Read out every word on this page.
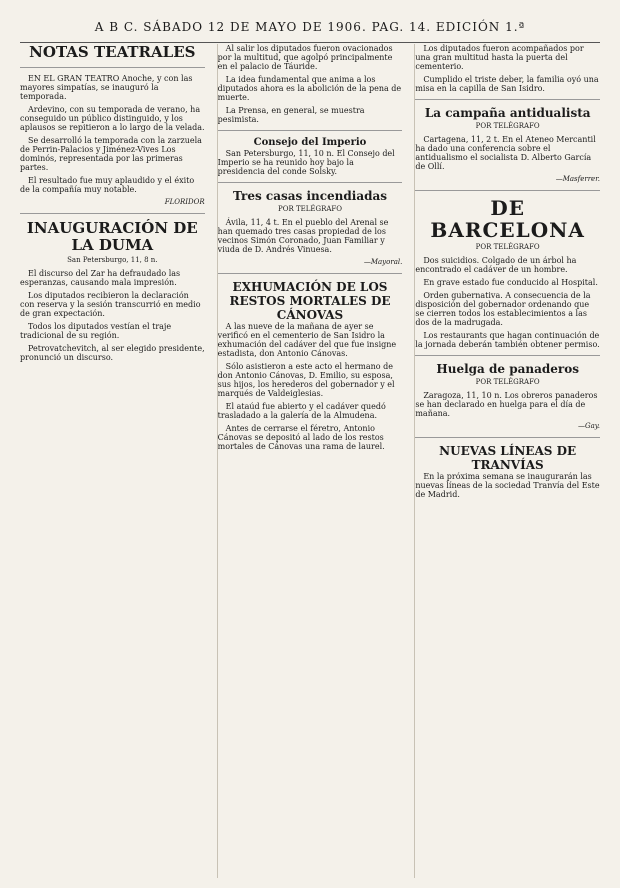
A B C. SÁBADO 12 DE MAYO DE 1906. PAG. 14. EDICIÓN 1.ª
NOTAS TEATRALES

EN EL GRAN TEATRO Anoche, y con las mayores simpatías, se inauguró la temporada.

Ardevino, con su temporada de verano, ha conseguido un público distinguido, y los aplausos se repitieron a lo largo de la velada.

Se desarrolló la temporada con la zarzuela de Perrin-Palacios y Jiménez-Vives Los dominós, representada por las primeras partes.

El resultado fue muy aplaudido y el éxito de la compañía muy notable.

FLORIDOR
INAUGURACIÓN DE LA DUMA
San Petersburgo, 11, 8 n.

El discurso del Zar ha defraudado las esperanzas, causando mala impresión.

Los diputados recibieron la declaración con reserva y la sesión transcurrió en medio de gran expectación.

Todos los diputados vestían el traje tradicional de su región.

Petrovatchevitch, al ser elegido presidente, pronunció un discurso.

Al salir los diputados fueron ovacionados por la multitud, que agolpó principalmente en el palacio de Táuride.

La idea fundamental que anima a los diputados ahora es la abolición de la pena de muerte.

La Prensa, en general, se muestra pesimista.

Consejo del Imperio

San Petersburgo, 11, 10 n. El Consejo del Imperio se ha reunido hoy bajo la presidencia del conde Solsky.

Tres casas incendiadas
POR TELÉGRAFO

Ávila, 11, 4 t. En el pueblo del Arenal se han quemado tres casas propiedad de los vecinos Simón Coronado, Juan Familiar y viuda de D. Andrés Vinuesa.

—Mayoral.
EXHUMACIÓN DE LOS RESTOS MORTALES DE CÁNOVAS

A las nueve de la mañana de ayer se verificó en el cementerio de San Isidro la exhumación del cadáver del que fue insigne estadista, don Antonio Cánovas.

Sólo asistieron a este acto el hermano de don Antonio Cánovas, D. Emilio, su esposa, sus hijos, los herederos del gobernador y el marqués de Valdeiglesias.

El ataúd fue abierto y el cadáver quedó trasladado a la galería de la Almudena.

Antes de cerrarse el féretro, Antonio Cánovas se depositó al lado de los restos mortales de Cánovas una rama de laurel.

Los diputados fueron acompañados por una gran multitud hasta la puerta del cementerio.

Cumplido el triste deber, la familia oyó una misa en la capilla de San Isidro.

La campaña antidualista
POR TELÉGRAFO

Cartagena, 11, 2 t. En el Ateneo Mercantil ha dado una conferencia sobre el antidualismo el socialista D. Alberto García de Ollí.

—Masferrer.
DE BARCELONA
POR TELÉGRAFO

Dos suicidios. Colgado de un árbol ha encontrado el cadáver de un hombre.

En grave estado fue conducido al Hospital.

Orden gubernativa. A consecuencia de la disposición del gobernador ordenando que se cierren todos los establecimientos a las dos de la madrugada.

Los restaurants que hagan continuación de la jornada deberán también obtener permiso.

Huelga de panaderos
POR TELÉGRAFO

Zaragoza, 11, 10 n. Los obreros panaderos se han declarado en huelga para el día de mañana.

—Gay.
NUEVAS LÍNEAS DE TRANVÍAS

En la próxima semana se inaugurarán las nuevas líneas de la sociedad Tranvía del Este de Madrid.
